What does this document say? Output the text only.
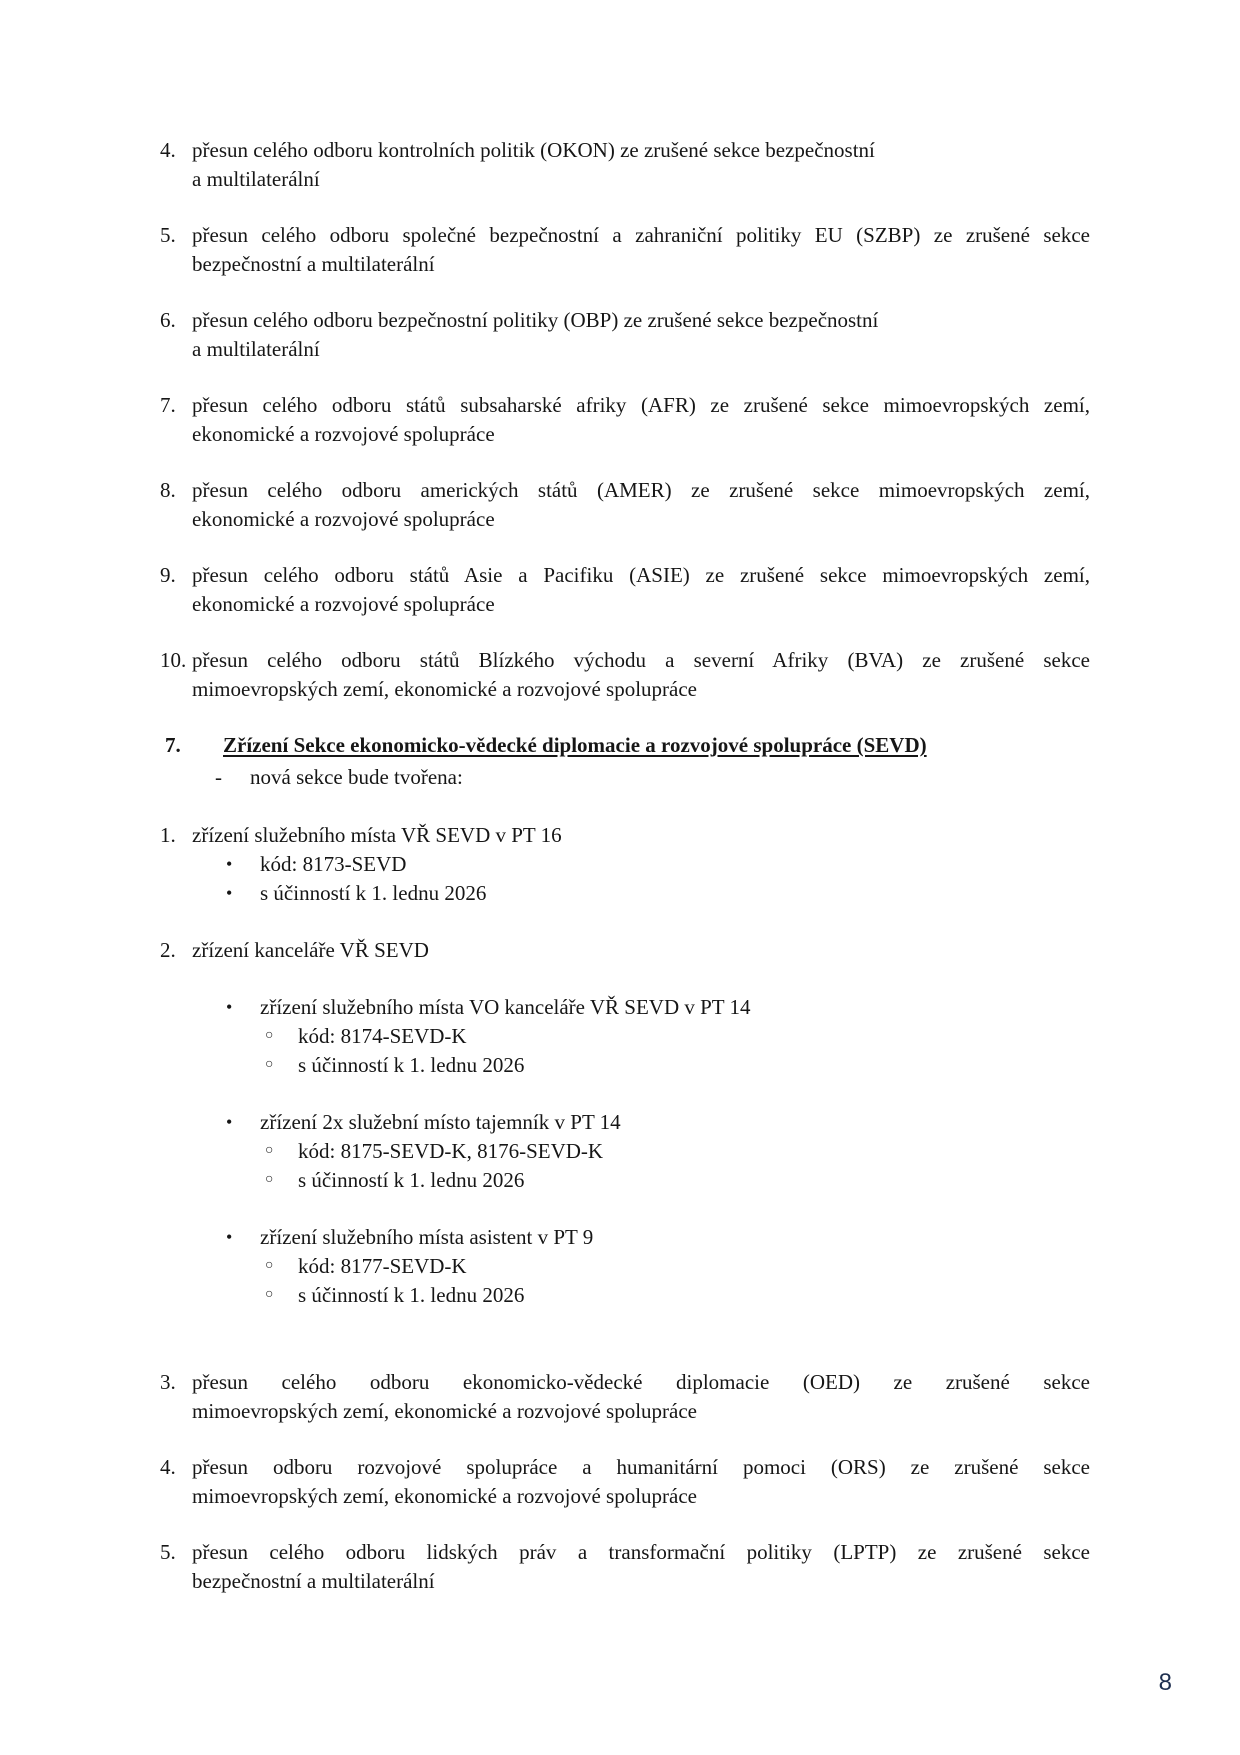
4. přesun celého odboru kontrolních politik (OKON) ze zrušené sekce bezpečnostní
a multilaterální
5. přesun celého odboru společné bezpečnostní a zahraniční politiky EU (SZBP) ze zrušené sekce
bezpečnostní a multilaterální
6. přesun celého odboru bezpečnostní politiky (OBP) ze zrušené sekce bezpečnostní
a multilaterální
7. přesun celého odboru států subsaharské afriky (AFR) ze zrušené sekce mimoevropských zemí,
ekonomické a rozvojové spolupráce
8. přesun celého odboru amerických států (AMER) ze zrušené sekce mimoevropských zemí,
ekonomické a rozvojové spolupráce
9. přesun celého odboru států Asie a Pacifiku (ASIE) ze zrušené sekce mimoevropských zemí,
ekonomické a rozvojové spolupráce
10. přesun celého odboru států Blízkého východu a severní Afriky (BVA) ze zrušené sekce
mimoevropských zemí, ekonomické a rozvojové spolupráce
7.	Zřízení Sekce ekonomicko-vědecké diplomacie a rozvojové spolupráce (SEVD)
-	nová sekce bude tvořena:
1. zřízení služebního místa VŘ SEVD v PT 16
•	kód: 8173-SEVD
•	s účinností k 1. lednu 2026
2. zřízení kanceláře VŘ SEVD
•	zřízení služebního místa VO kanceláře VŘ SEVD v PT 14
○	kód: 8174-SEVD-K
○	s účinností k 1. lednu 2026
•	zřízení 2x služební místo tajemník v PT 14
○	kód: 8175-SEVD-K, 8176-SEVD-K
○	s účinností k 1. lednu 2026
•	zřízení služebního místa asistent v PT 9
○	kód: 8177-SEVD-K
○	s účinností k 1. lednu 2026
3. přesun celého odboru ekonomicko-vědecké diplomacie (OED) ze zrušené sekce
mimoevropských zemí, ekonomické a rozvojové spolupráce
4. přesun odboru rozvojové spolupráce a humanitární pomoci (ORS) ze zrušené sekce
mimoevropských zemí, ekonomické a rozvojové spolupráce
5. přesun celého odboru lidských práv a transformační politiky (LPTP) ze zrušené sekce
bezpečnostní a multilaterální
8
